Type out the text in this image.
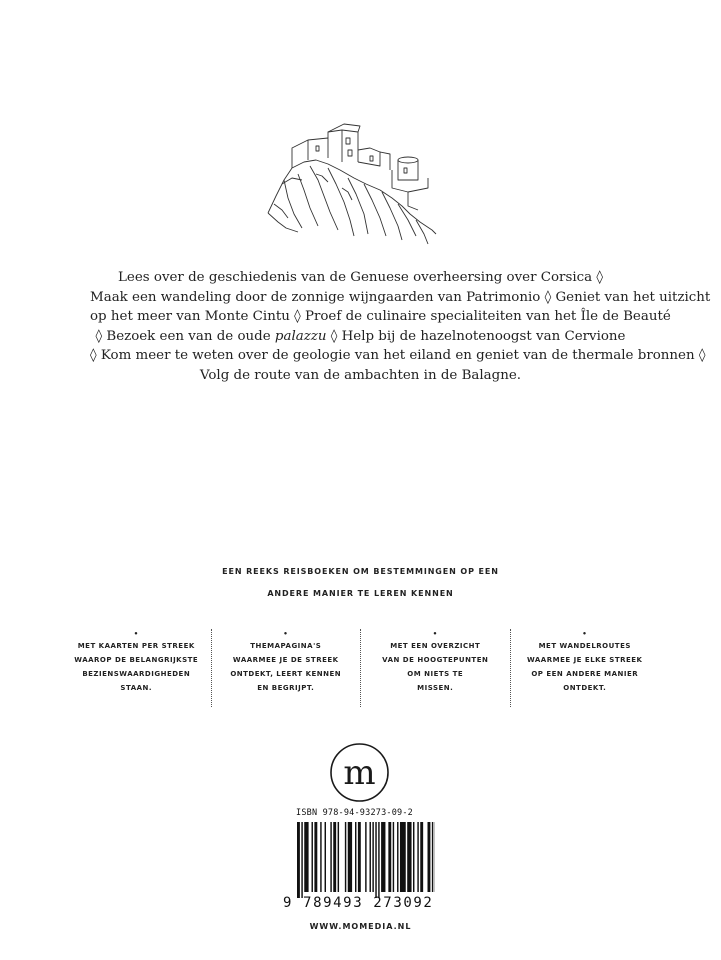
Lees over de geschiedenis van de Genuese overheersing over Corsica ◊
Maak een wandeling door de zonnige wijngaarden van Patrimonio ◊ Geniet van het uitzicht
op het meer van Monte Cintu ◊ Proef de culinaire specialiteiten van het Île de Beauté
◊ Bezoek een van de oude palazzu ◊ Help bij de hazelnotenoogst van Cervione
◊ Kom meer te weten over de geologie van het eiland en geniet van de thermale bronnen ◊
Volg de route van de ambachten in de Balagne.
EEN REEKS REISBOEKEN OM BESTEMMINGEN OP EEN
ANDERE MANIER TE LEREN KENNEN
•
MET KAARTEN PER STREEK
WAAROP DE BELANGRIJKSTE
BEZIENSWAARDIGHEDEN
STAAN.
•
THEMAPAGINA'S
WAARMEE JE DE STREEK
ONTDEKT, LEERT KENNEN
EN BEGRIJPT.
•
MET EEN OVERZICHT
VAN DE HOOGTEPUNTEN
OM NIETS TE
MISSEN.
•
MET WANDELROUTES
WAARMEE JE ELKE STREEK
OP EEN ANDERE MANIER
ONTDEKT.
m
ISBN 978-94-93273-09-2
9 789493 273092
WWW.MOMEDIA.NL
